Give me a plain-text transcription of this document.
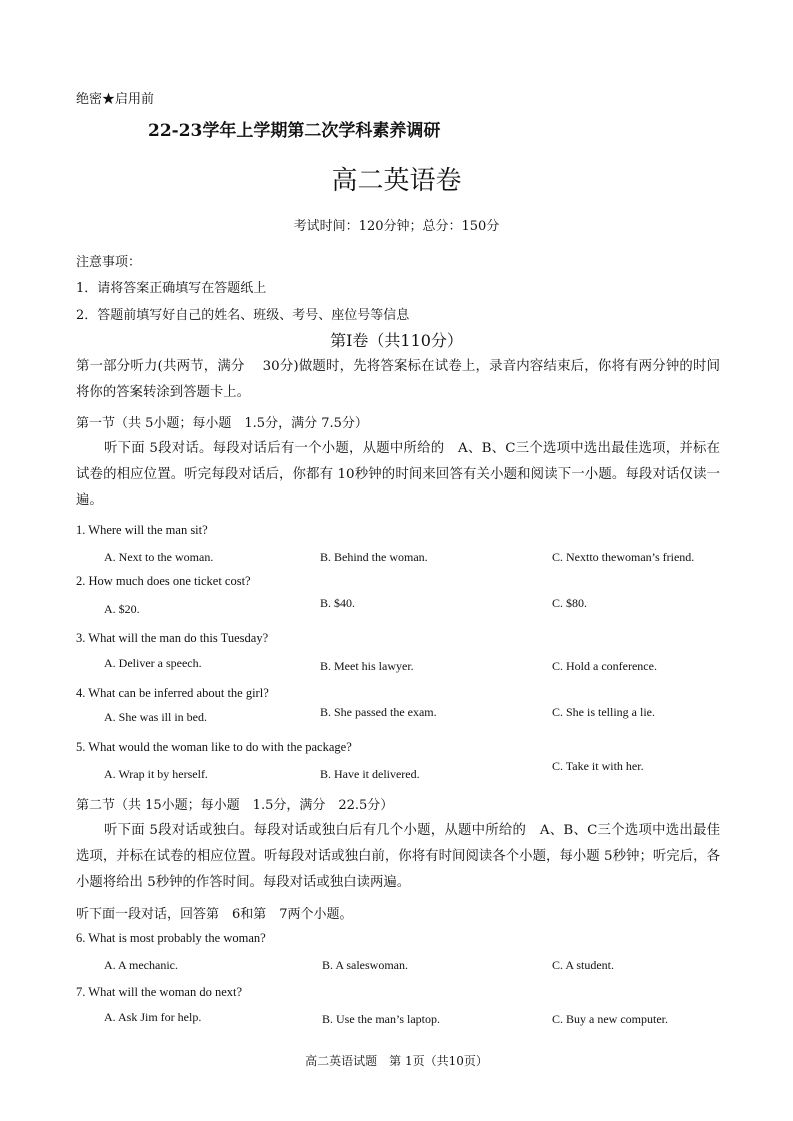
绝密★启用前

22-23学年上学期第二次学科素养调研

高二英语卷

考试时间：120分钟；总分：150分

注意事项：

1．请将答案正确填写在答题纸上

2．答题前填写好自己的姓名、班级、考号、座位号等信息

第Ⅰ卷（共110分）

第一部分听力(共两节，满分　 30分)做题时，先将答案标在试卷上，录音内容结束后，你将有两分钟的时间将你的答案转涂到答题卡上。

第一节（共 5小题；每小题　1.5分，满分 7.5分）

听下面 5段对话。每段对话后有一个小题，从题中所给的　A、B、C三个选项中选出最佳选项，并标在试卷的相应位置。听完每段对话后，你都有 10秒钟的时间来回答有关小题和阅读下一小题。每段对话仅读一遍。

1. Where will the man sit?

A. Next to the woman.	B. Behind the woman.	C. Nextto thewoman’s friend.

2. How much does one ticket cost?

A. $20.	B. $40.	C. $80.

3. What will the man do this Tuesday?

A. Deliver a speech.	B. Meet his lawyer.	C. Hold a conference.

4. What can be inferred about the girl?

A. She was ill in bed.	B. She passed the exam.	C. She is telling a lie.

5. What would the woman like to do with the package?

A. Wrap it by herself.	B. Have it delivered.

C. Take it with her.

第二节（共 15小题；每小题　1.5分，满分　22.5分）

听下面 5段对话或独白。每段对话或独白后有几个小题，从题中所给的　A、B、C三个选项中选出最佳选项，并标在试卷的相应位置。听每段对话或独白前，你将有时间阅读各个小题，每小题 5秒钟；听完后，各小题将给出 5秒钟的作答时间。每段对话或独白读两遍。

听下面一段对话，回答第　6和第　7两个小题。

6. What is most probably the woman?

A. A mechanic.	B. A saleswoman.	C. A student.

7. What will the woman do next?

A. Ask Jim for help.	B. Use the man’s laptop.	C. Buy a new computer.

高二英语试题　第 1页（共10页）
